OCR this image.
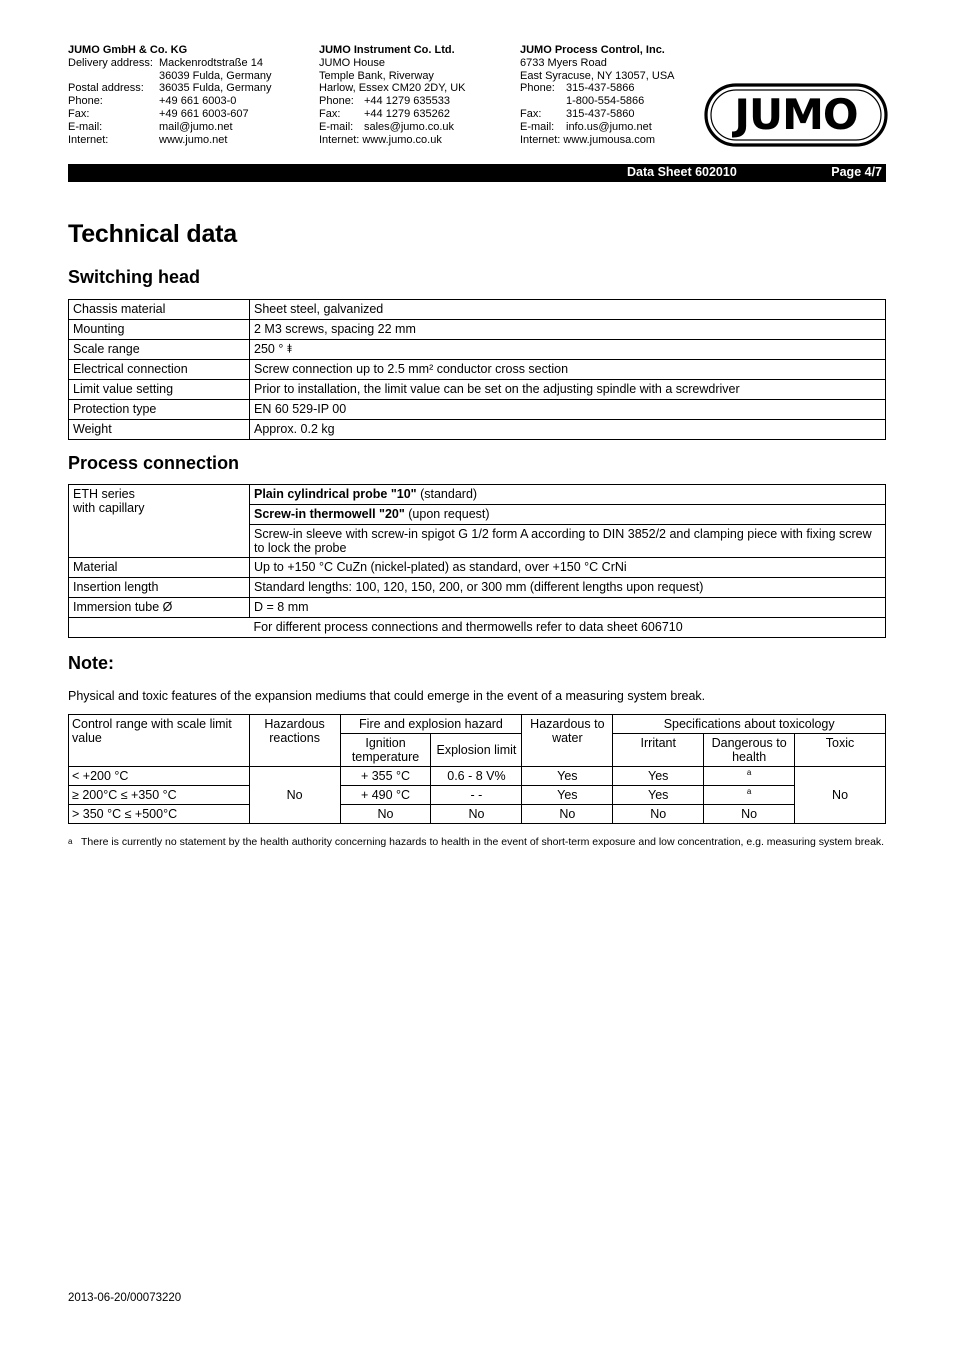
JUMO GmbH & Co. KG
Delivery address: Mackenrodtstraße 14
36039 Fulda, Germany
Postal address:	36035 Fulda, Germany
Phone:	+49 661 6003-0
Fax:	+49 661 6003-607
E-mail:	mail@jumo.net
Internet:	www.jumo.net
JUMO Instrument Co. Ltd.
JUMO House
Temple Bank, Riverway
Harlow, Essex CM20 2DY, UK
Phone: +44 1279 635533
Fax:	+44 1279 635262
E-mail: sales@jumo.co.uk
Internet: www.jumo.co.uk
JUMO Process Control, Inc.
6733 Myers Road
East Syracuse, NY 13057, USA
Phone:	315-437-5866
1-800-554-5866
Fax:	315-437-5860
E-mail:	info.us@jumo.net
Internet: www.jumousa.com
JUMO
Data Sheet 602010	Page 4/7
Technical data
Switching head
Chassis material	Sheet steel, galvanized
Mounting	2 M3 screws, spacing 22 mm
Scale range	250 ° ⯒
Electrical connection	Screw connection up to 2.5 mm² conductor cross section
Limit value setting	Prior to installation, the limit value can be set on the adjusting spindle with a screwdriver
Protection type	EN 60 529-IP 00
Weight	Approx. 0.2 kg
Process connection
ETH series
with capillary	Plain cylindrical probe "10" (standard)
	Screw-in thermowell "20" (upon request)
	Screw-in sleeve with screw-in spigot G 1/2 form A according to DIN 3852/2 and clamping piece with fixing screw to lock the probe
Material	Up to +150 °C CuZn (nickel-plated) as standard, over +150 °C CrNi
Insertion length	Standard lengths: 100, 120, 150, 200, or 300 mm (different lengths upon request)
Immersion tube Ø	D = 8 mm
	For different process connections and thermowells refer to data sheet 606710
Note:
Physical and toxic features of the expansion mediums that could emerge in the event of a measuring system break.
Control range with scale limit value	Hazardous reactions	Fire and explosion hazard		Hazardous to water	Specifications about toxicology		
		Ignition temperature	Explosion limit		Irritant	Dangerous to health	Toxic
< +200 °C	No	+ 355 °C	0.6 - 8 V%	Yes	Yes	$^a$	No
≥ 200°C ≤ +350 °C		+ 490 °C	- -	Yes	Yes	$^a$
> 350 °C ≤ +500°C		No	No	No	No	No	
a There is currently no statement by the health authority concerning hazards to health in the event of short-term exposure and low concentration, e.g. measuring system break.
2013-06-20/00073220
